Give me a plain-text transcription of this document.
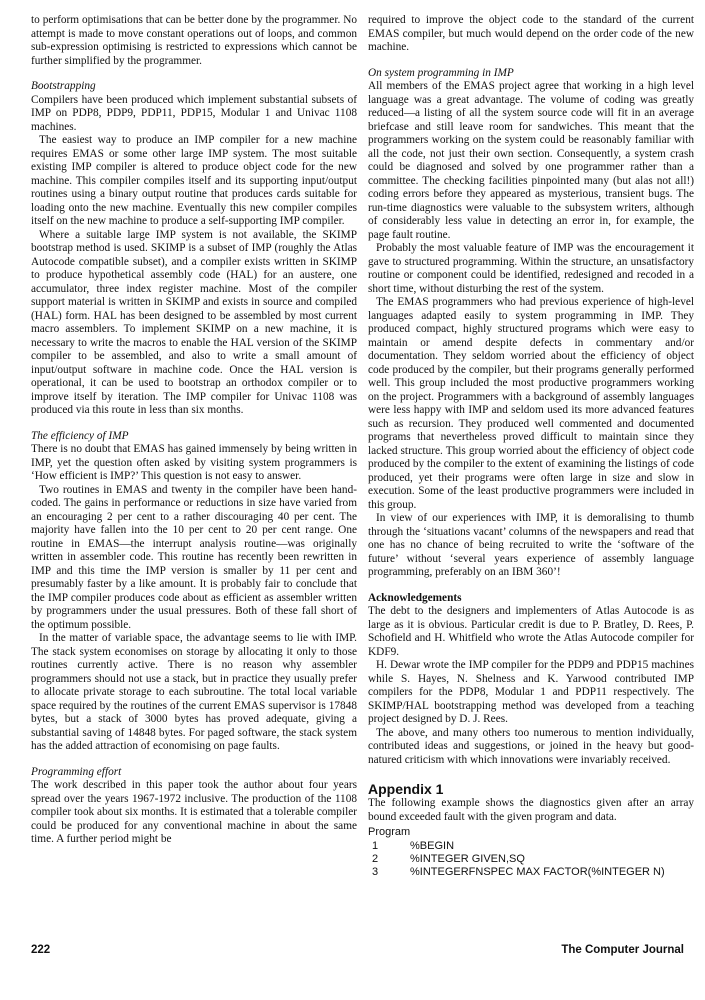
to perform optimisations that can be better done by the programmer. No attempt is made to move constant operations out of loops, and common sub-expression optimising is restricted to expressions which cannot be further simplified by the programmer.

Bootstrapping

Compilers have been produced which implement substantial subsets of IMP on PDP8, PDP9, PDP11, PDP15, Modular 1 and Univac 1108 machines.

The easiest way to produce an IMP compiler for a new machine requires EMAS or some other large IMP system. The most suitable existing IMP compiler is altered to produce object code for the new machine. This compiler compiles itself and its supporting input/output routines using a binary output routine that produces cards suitable for loading onto the new machine. Eventually this new compiler compiles itself on the new machine to produce a self-supporting IMP compiler.

Where a suitable large IMP system is not available, the SKIMP bootstrap method is used. SKIMP is a subset of IMP (roughly the Atlas Autocode compatible subset), and a compiler exists written in SKIMP to produce hypothetical assembly code (HAL) for an austere, one accumulator, three index register machine. Most of the compiler support material is written in SKIMP and exists in source and compiled (HAL) form. HAL has been designed to be assembled by most current macro assemblers. To implement SKIMP on a new machine, it is necessary to write the macros to enable the HAL version of the SKIMP compiler to be assembled, and also to write a small amount of input/output software in machine code. Once the HAL version is operational, it can be used to bootstrap an orthodox compiler or to improve itself by iteration. The IMP compiler for Univac 1108 was produced via this route in less than six months.

The efficiency of IMP

There is no doubt that EMAS has gained immensely by being written in IMP, yet the question often asked by visiting system programmers is ‘How efficient is IMP?’ This question is not easy to answer.

Two routines in EMAS and twenty in the compiler have been hand-coded. The gains in performance or reductions in size have varied from an encouraging 2 per cent to a rather discouraging 40 per cent. The majority have fallen into the 10 per cent to 20 per cent range. One routine in EMAS—the interrupt analysis routine—was originally written in assembler code. This routine has recently been rewritten in IMP and this time the IMP version is smaller by 11 per cent and presumably faster by a like amount. It is probably fair to conclude that the IMP compiler produces code about as efficient as assembler written by programmers under the usual pressures. Both of these fall short of the optimum possible.

In the matter of variable space, the advantage seems to lie with IMP. The stack system economises on storage by allocating it only to those routines currently active. There is no reason why assembler programmers should not use a stack, but in practice they usually prefer to allocate private storage to each subroutine. The total local variable space required by the routines of the current EMAS supervisor is 17848 bytes, but a stack of 3000 bytes has proved adequate, giving a substantial saving of 14848 bytes. For paged software, the stack system has the added attraction of economising on page faults.

Programming effort

The work described in this paper took the author about four years spread over the years 1967-1972 inclusive. The production of the 1108 compiler took about six months. It is estimated that a tolerable compiler could be produced for any conventional machine in about the same time. A further period might be

required to improve the object code to the standard of the current EMAS compiler, but much would depend on the order code of the new machine.

On system programming in IMP

All members of the EMAS project agree that working in a high level language was a great advantage. The volume of coding was greatly reduced—a listing of all the system source code will fit in an average briefcase and still leave room for sandwiches. This meant that the programmers working on the system could be reasonably familiar with all the code, not just their own section. Consequently, a system crash could be diagnosed and solved by one programmer rather than a committee. The checking facilities pinpointed many (but alas not all!) coding errors before they appeared as mysterious, transient bugs. The run-time diagnostics were valuable to the subsystem writers, although of considerably less value in detecting an error in, for example, the page fault routine.

Probably the most valuable feature of IMP was the encouragement it gave to structured programming. Within the structure, an unsatisfactory routine or component could be identified, redesigned and recoded in a short time, without disturbing the rest of the system.

The EMAS programmers who had previous experience of high-level languages adapted easily to system programming in IMP. They produced compact, highly structured programs which were easy to maintain or amend despite defects in commentary and/or documentation. They seldom worried about the efficiency of object code produced by the compiler, but their programs generally performed well. This group included the most productive programmers working on the project. Programmers with a background of assembly languages were less happy with IMP and seldom used its more advanced features such as recursion. They produced well commented and documented programs that nevertheless proved difficult to maintain since they lacked structure. This group worried about the efficiency of object code produced by the compiler to the extent of examining the listings of code produced, yet their programs were often large in size and slow in execution. Some of the least productive programmers were included in this group.

In view of our experiences with IMP, it is demoralising to thumb through the ‘situations vacant’ columns of the newspapers and read that one has no chance of being recruited to write the ‘software of the future’ without ‘several years experience of assembly language programming, preferably on an IBM 360’!

Acknowledgements

The debt to the designers and implementers of Atlas Autocode is as large as it is obvious. Particular credit is due to P. Bratley, D. Rees, P. Schofield and H. Whitfield who wrote the Atlas Autocode compiler for KDF9.

H. Dewar wrote the IMP compiler for the PDP9 and PDP15 machines while S. Hayes, N. Shelness and K. Yarwood contributed IMP compilers for the PDP8, Modular 1 and PDP11 respectively. The SKIMP/HAL bootstrapping method was developed from a teaching project designed by D. J. Rees.

The above, and many others too numerous to mention individually, contributed ideas and suggestions, or joined in the heavy but good-natured criticism with which innovations were invariably received.

Appendix 1

The following example shows the diagnostics given after an array bound exceeded fault with the given program and data.

Program
1	%BEGIN
2	%INTEGER GIVEN,SQ
3	%INTEGERFNSPEC MAX FACTOR(%INTEGER N)
222	The Computer Journal
